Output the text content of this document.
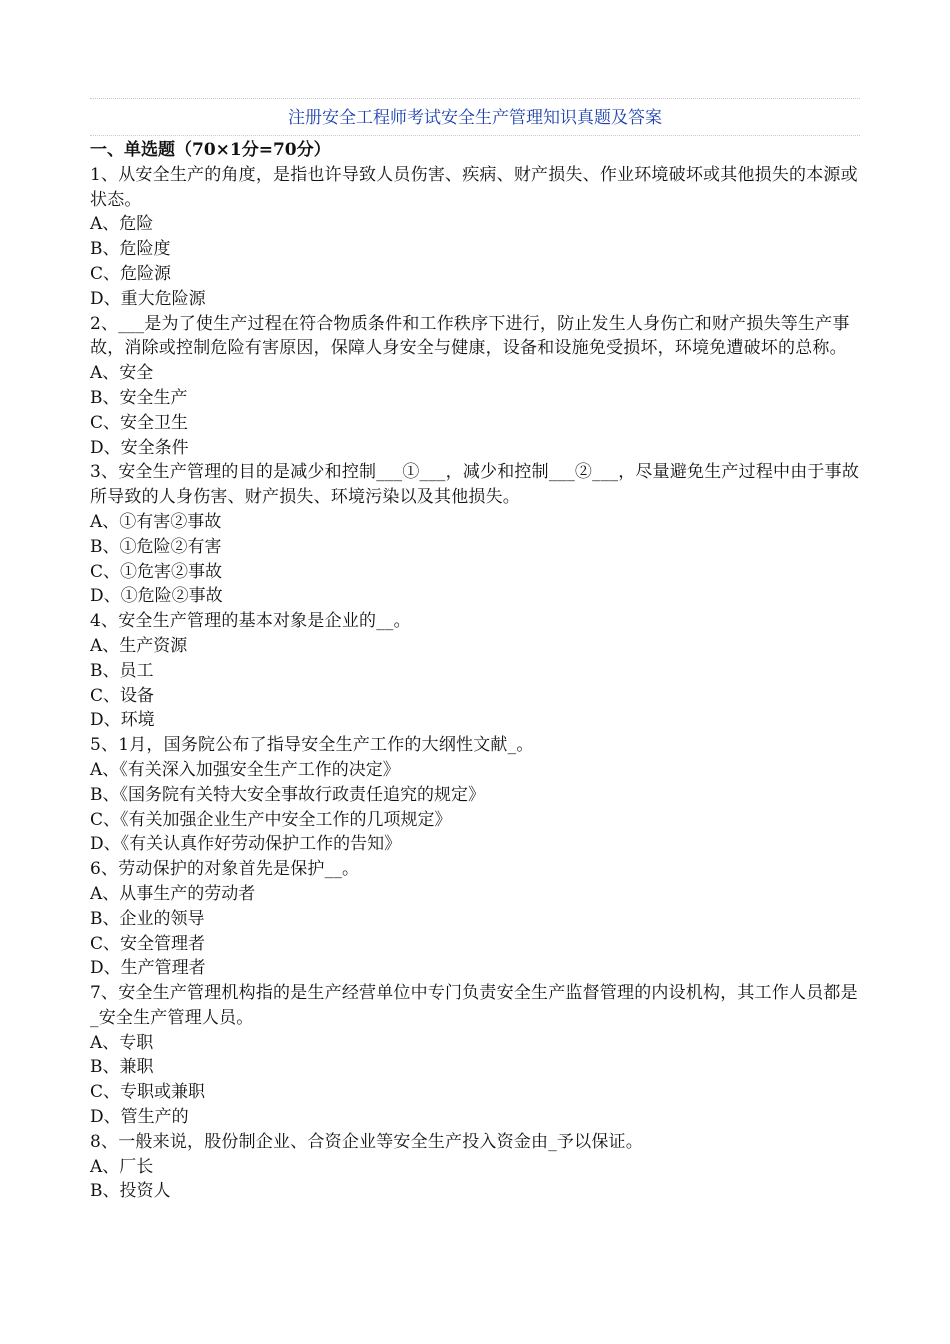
注册安全工程师考试安全生产管理知识真题及答案

一、单选题（70×1分=70分）

1、从安全生产的角度，是指也许导致人员伤害、疾病、财产损失、作业环境破坏或其他损失的本源或状态。

A、危险

B、危险度

C、危险源

D、重大危险源

2、___是为了使生产过程在符合物质条件和工作秩序下进行，防止发生人身伤亡和财产损失等生产事故，消除或控制危险有害原因，保障人身安全与健康，设备和设施免受损坏，环境免遭破坏的总称。

A、安全

B、安全生产

C、安全卫生

D、安全条件

3、安全生产管理的目的是减少和控制___①___，减少和控制___②___，尽量避免生产过程中由于事故所导致的人身伤害、财产损失、环境污染以及其他损失。

A、①有害②事故

B、①危险②有害

C、①危害②事故

D、①危险②事故

4、安全生产管理的基本对象是企业的__。

A、生产资源

B、员工

C、设备

D、环境

5、1月，国务院公布了指导安全生产工作的大纲性文献_。

A、《有关深入加强安全生产工作的决定》

B、《国务院有关特大安全事故行政责任追究的规定》

C、《有关加强企业生产中安全工作的几项规定》

D、《有关认真作好劳动保护工作的告知》

6、劳动保护的对象首先是保护__。

A、从事生产的劳动者

B、企业的领导

C、安全管理者

D、生产管理者

7、安全生产管理机构指的是生产经营单位中专门负责安全生产监督管理的内设机构，其工作人员都是_安全生产管理人员。

A、专职

B、兼职

C、专职或兼职

D、管生产的

8、一般来说，股份制企业、合资企业等安全生产投入资金由_予以保证。

A、厂长

B、投资人
